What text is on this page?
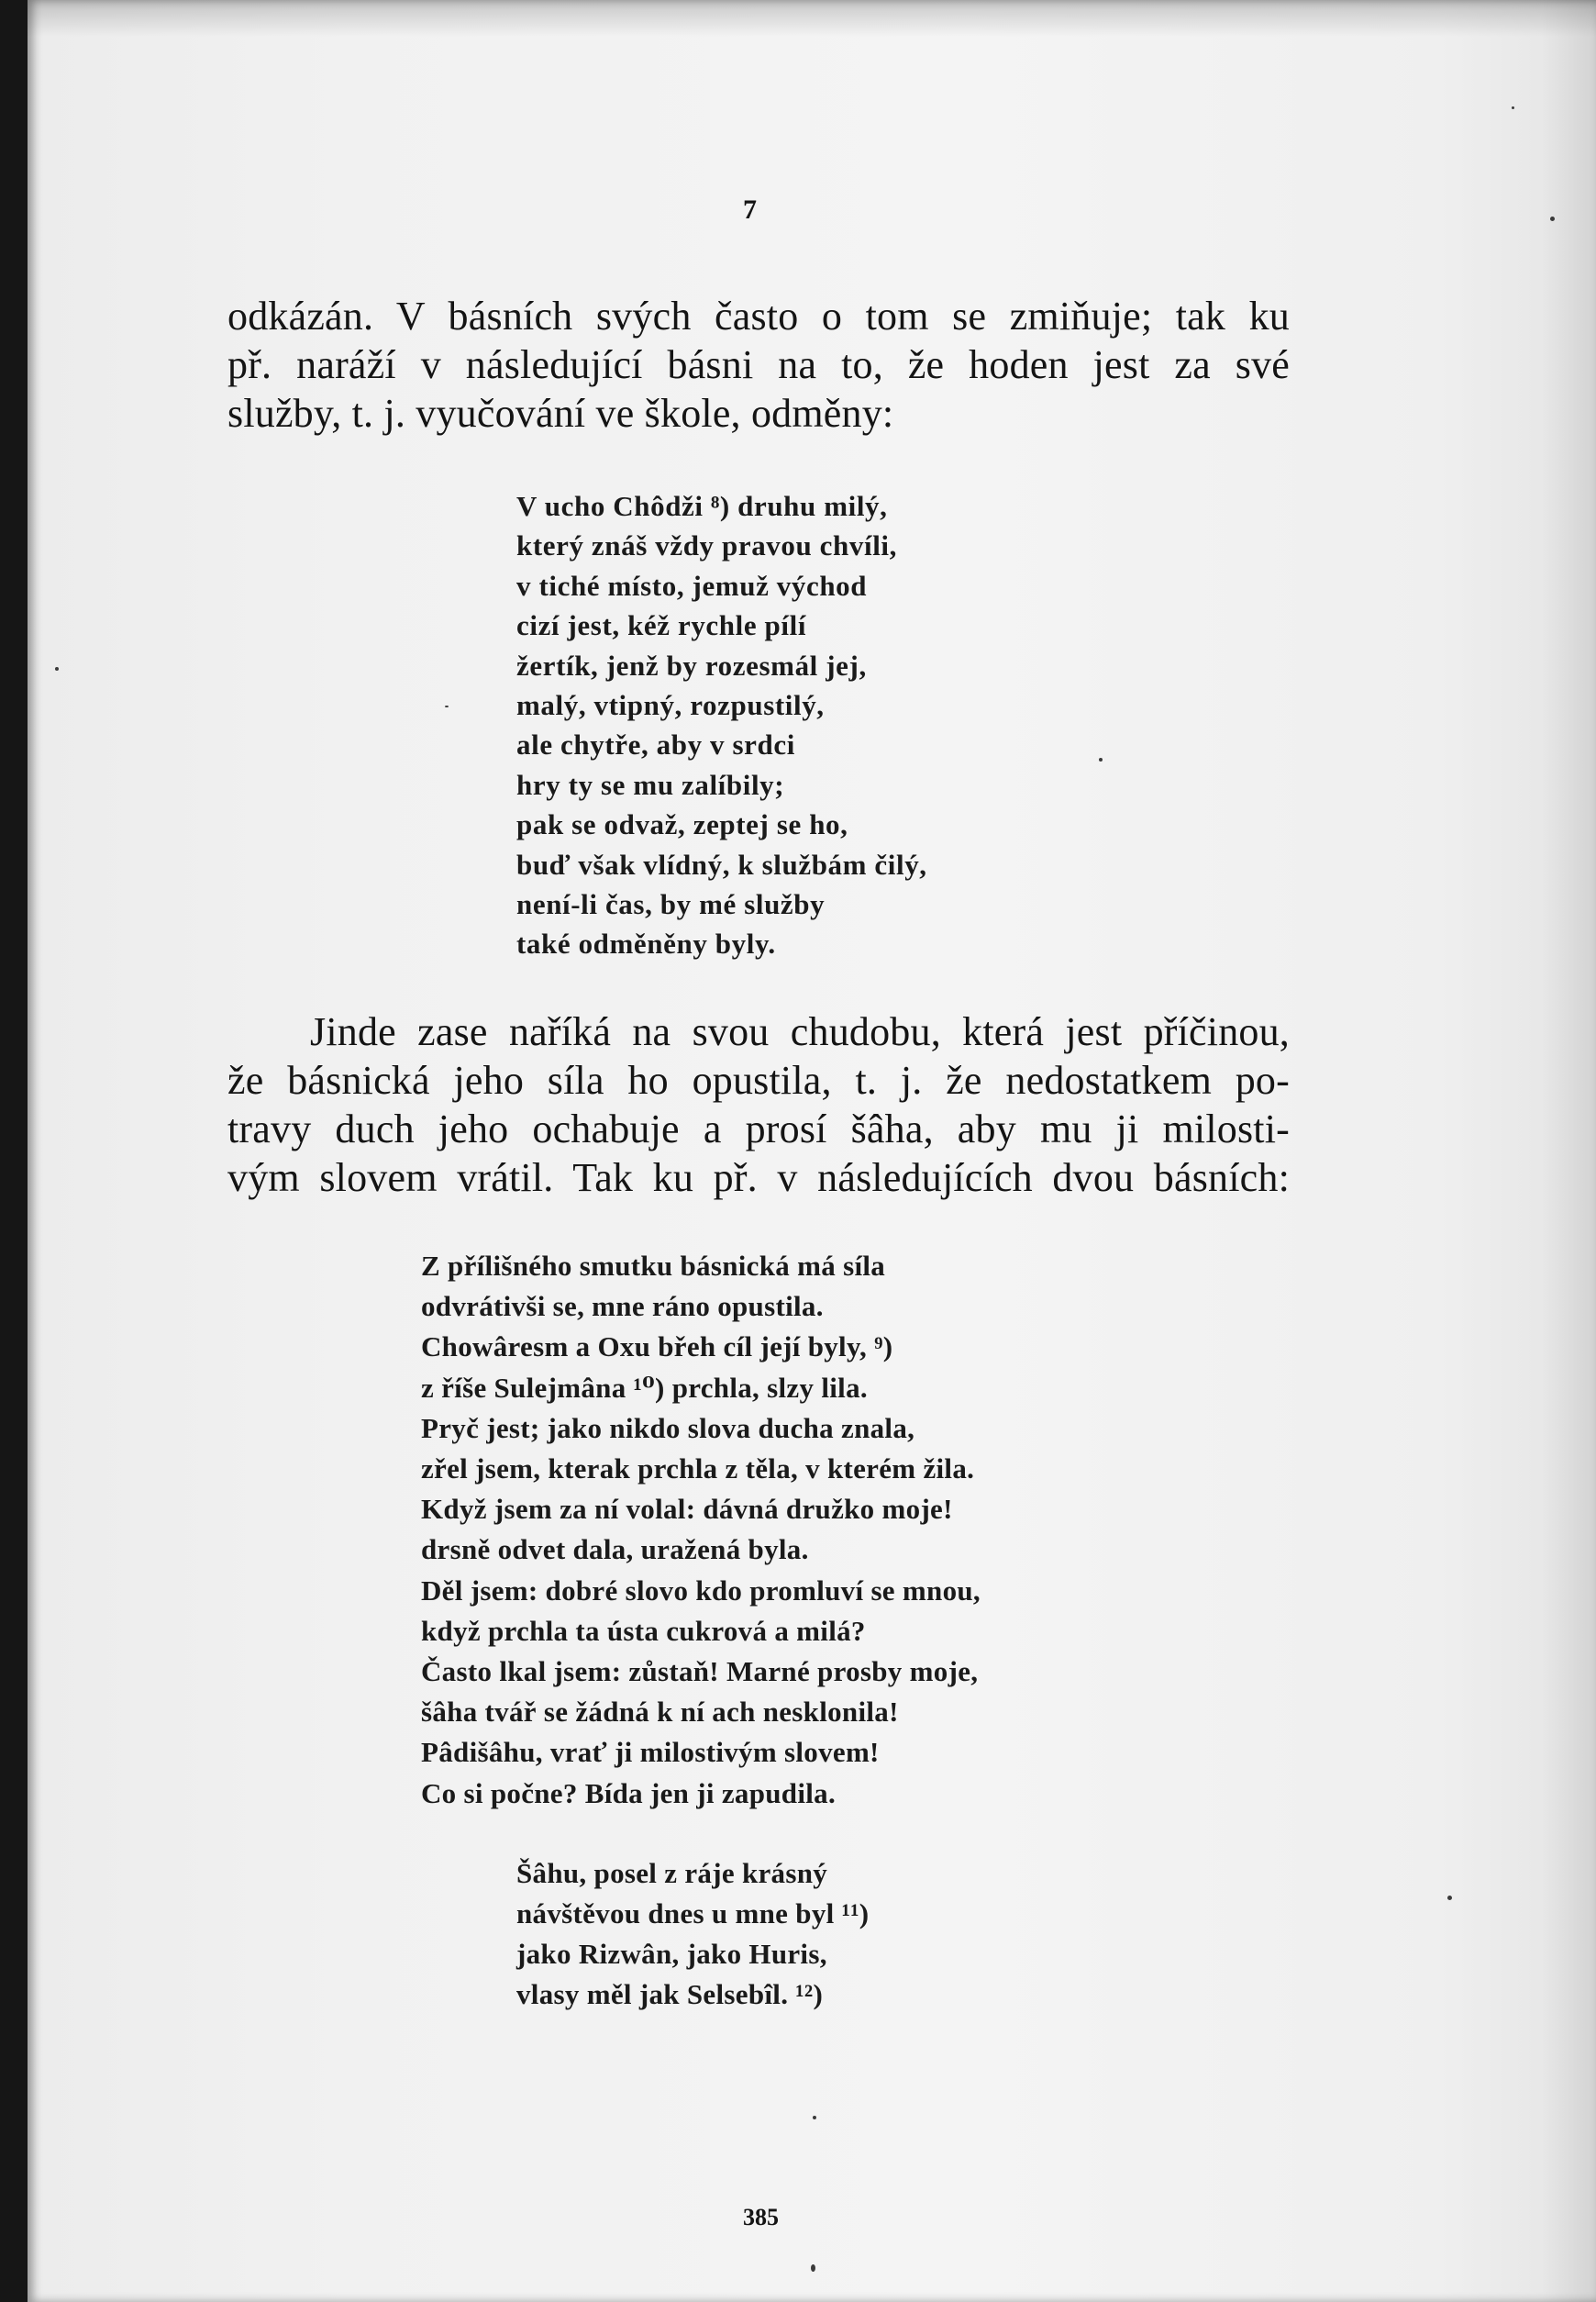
7

odkázán. V básních svých často o tom se zmiňuje; tak ku

př. naráží v následující básni na to, že hoden jest za své

služby, t. j. vyučování ve škole, odměny:

V ucho Chôdži ⁸) druhu milý,
který znáš vždy pravou chvíli,
v tiché místo, jemuž východ
cizí jest, kéž rychle pílí
žertík, jenž by rozesmál jej,
malý, vtipný, rozpustilý,
ale chytře, aby v srdci
hry ty se mu zalíbily;
pak se odvaž, zeptej se ho,
buď však vlídný, k službám čilý,
není-li čas, by mé služby
také odměněny byly.

Jinde zase naříká na svou chudobu, která jest příčinou,

že básnická jeho síla ho opustila, t. j. že nedostatkem po-

travy duch jeho ochabuje a prosí šâha, aby mu ji milosti-

vým slovem vrátil. Tak ku př. v následujících dvou básních:

Z přílišného smutku básnická má síla
odvrátivši se, mne ráno opustila.
Chowâresm a Oxu břeh cíl její byly, ⁹)
z říše Sulejmâna ¹⁰) prchla, slzy lila.
Pryč jest; jako nikdo slova ducha znala,
zřel jsem, kterak prchla z těla, v kterém žila.
Když jsem za ní volal: dávná družko moje!
drsně odvet dala, uražená byla.
Děl jsem: dobré slovo kdo promluví se mnou,
když prchla ta ústa cukrová a milá?
Často lkal jsem: zůstaň! Marné prosby moje,
šâha tvář se žádná k ní ach nesklonila!
Pâdišâhu, vrať ji milostivým slovem!
Co si počne? Bída jen ji zapudila.
Šâhu, posel z ráje krásný
návštěvou dnes u mne byl ¹¹)
jako Rizwân, jako Huris,
vlasy měl jak Selsebîl. ¹²)
385
